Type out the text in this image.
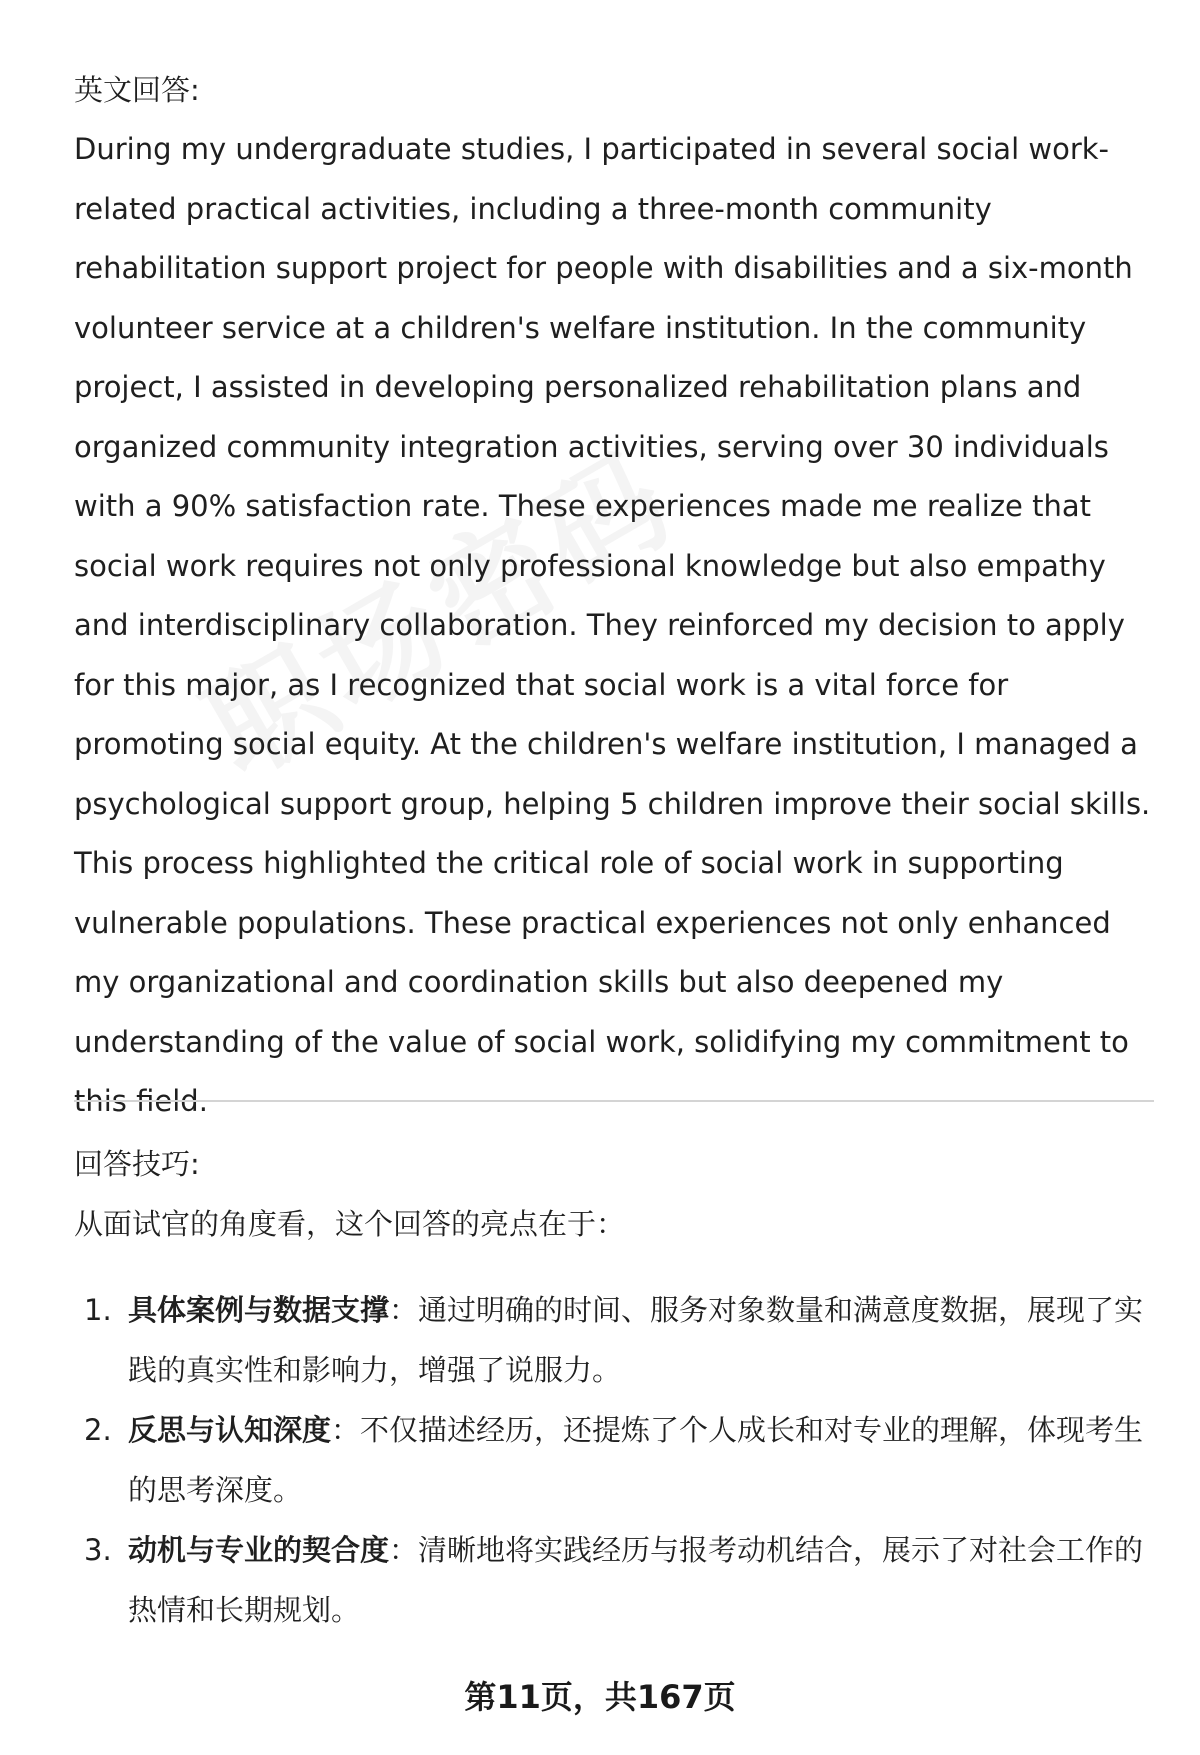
英文回答:

During my undergraduate studies, I participated in several social work-related practical activities, including a three-month community rehabilitation support project for people with disabilities and a six-month volunteer service at a children's welfare institution. In the community project, I assisted in developing personalized rehabilitation plans and organized community integration activities, serving over 30 individuals with a 90% satisfaction rate. These experiences made me realize that social work requires not only professional knowledge but also empathy and interdisciplinary collaboration. They reinforced my decision to apply for this major, as I recognized that social work is a vital force for promoting social equity. At the children's welfare institution, I managed a psychological support group, helping 5 children improve their social skills. This process highlighted the critical role of social work in supporting vulnerable populations. These practical experiences not only enhanced my organizational and coordination skills but also deepened my understanding of the value of social work, solidifying my commitment to this field.

回答技巧:
从面试官的角度看，这个回答的亮点在于：
1. 具体案例与数据支撑：通过明确的时间、服务对象数量和满意度数据，展现了实践的真实性和影响力，增强了说服力。
2. 反思与认知深度：不仅描述经历，还提炼了个人成长和对专业的理解，体现考生的思考深度。
3. 动机与专业的契合度：清晰地将实践经历与报考动机结合，展示了对社会工作的热情和长期规划。
第11页，共167页
